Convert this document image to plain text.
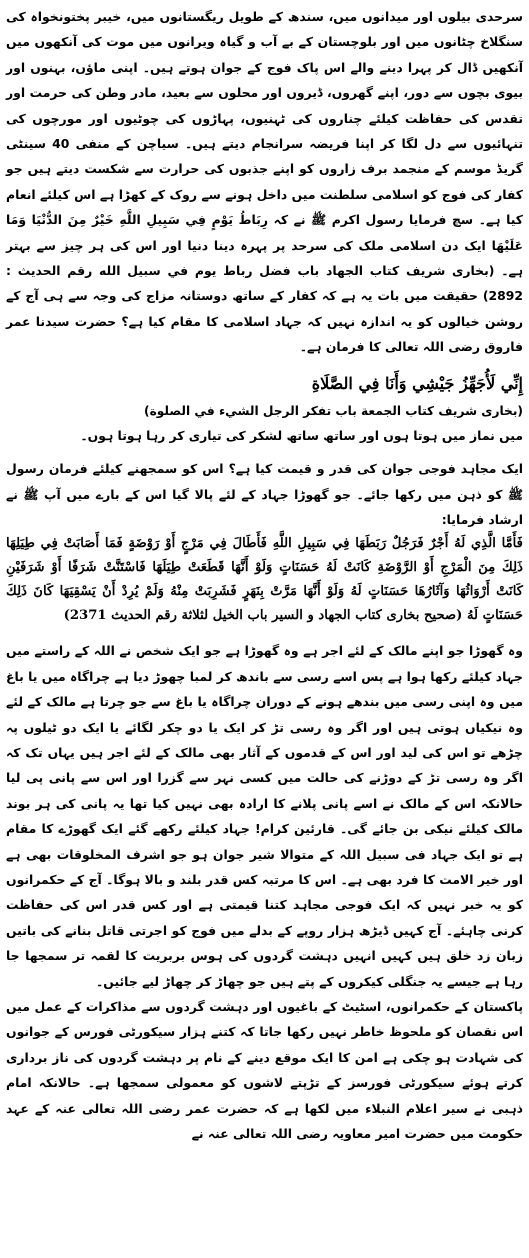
سرحدی بیلوں اور میدانوں میں، سندھ کے طویل ریگستانوں میں، خیبر پختونخواہ کی سنگلاخ چٹانوں میں اور بلوچستان کے بے آب و گیاہ ویرانوں میں موت کی آنکھوں میں آنکھیں ڈال کر پہرا دینے والے اس پاک فوج کے جوان ہوتے ہیں۔ اپنی ماؤں، بہنوں اور بیوی بچوں سے دور، اپنے گھروں، ڈیروں اور محلوں سے بعید، مادر وطن کی حرمت اور تقدس کی حفاظت کیلئے چناروں کی ٹہنیوں، پہاڑوں کی چوٹیوں اور مورچوں کی تنہائیوں سے دل لگا کر اپنا فریضہ سرانجام دیتے ہیں۔ سیاچن کے منفی 40 سینٹی گریڈ موسم کے منجمد برف زاروں کو اپنے جذبوں کی حرارت سے شکست دیتے ہیں جو کفار کی فوج کو اسلامی سلطنت میں داخل ہونے سے روک کے کھڑا ہے اس کیلئے انعام کیا ہے۔ سچ فرمایا رسول اکرم ﷺ نے کہ رِبَاطُ يَوْمٍ فِي سَبِيلِ اللَّهِ خَيْرٌ مِنَ الدُّنْيَا وَمَا عَلَيْهَا ایک دن اسلامی ملک کی سرحد پر پہرہ دینا دنیا اور اس کی ہر چیز سے بہتر ہے۔ (بخاری شریف کتاب الجهاد باب فضل رباط يوم في سبيل الله رقم الحديث : 2892) حقیقت میں بات یہ ہے کہ کفار کے ساتھ دوستانہ مزاج کی وجہ سے ہی آج کے روشن خیالوں کو یہ اندازہ نہیں کہ جہاد اسلامی کا مقام کیا ہے؟ حضرت سیدنا عمر فاروق رضی اللہ تعالی کا فرمان ہے۔

إِنِّي لَأُجَهِّزُ جَيْشِي وَأَنَا فِي الصَّلَاةِ

(بخاری شریف کتاب الجمعة باب تفكر الرجل الشيء في الصلوة)

میں نماز میں ہوتا ہوں اور ساتھ ساتھ لشکر کی تیاری کر رہا ہوتا ہوں۔

ایک مجاہد فوجی جوان کی قدر و قیمت کیا ہے؟ اس کو سمجھنے کیلئے فرمان رسول ﷺ کو ذہن میں رکھا جائے۔ جو گھوڑا جہاد کے لئے پالا گیا اس کے بارے میں آپ ﷺ نے ارشاد فرمایا:

فَأَمَّا الَّذِي لَهُ أَجْرٌ فَرَجُلٌ رَبَطَهَا فِي سَبِيلِ اللَّهِ فَأَطَالَ فِي مَرْجٍ أَوْ رَوْضَةٍ فَمَا أَصَابَتْ فِي طِيَلِهَا ذَلِكَ مِنَ الْمَرْجِ أَوْ الرَّوْضَةِ كَانَتْ لَهُ حَسَنَاتٍ وَلَوْ أَنَّهَا قَطَعَتْ طِيَلَهَا فَاسْتَنَّتْ شَرَفًا أَوْ شَرَفَيْنِ كَانَتْ أَرْوَاثُهَا وَآثَارُهَا حَسَنَاتٍ لَهُ وَلَوْ أَنَّهَا مَرَّتْ بِنَهَرٍ فَشَرِبَتْ مِنْهُ وَلَمْ يُرِدْ أَنْ يَسْقِيَهَا كَانَ ذَلِكَ حَسَنَاتٍ لَهُ (صحیح بخاری کتاب الجهاد و السير باب الخيل لثلاثة رقم الحديث 2371)

وہ گھوڑا جو اپنے مالک کے لئے اجر ہے وہ گھوڑا ہے جو ایک شخص نے اللہ کے راستے میں جہاد کیلئے رکھا ہوا ہے پس اسے رسی سے باندھ کر لمبا چھوڑ دیا ہے چراگاہ میں یا باغ میں وہ اپنی رسی میں بندھے ہونے کے دوران چراگاہ یا باغ سے جو چرتا ہے مالک کے لئے وہ نیکیاں ہوتی ہیں اور اگر وہ رسی تڑ کر ایک یا دو چکر لگائے یا ایک دو ٹیلوں پہ چڑھے تو اس کی لید اور اس کے قدموں کے آثار بھی مالک کے لئے اجر ہیں یہاں تک کہ اگر وہ رسی تڑ کے دوڑنے کی حالت میں کسی نہر سے گزرا اور اس سے پانی پی لیا حالانکہ اس کے مالک نے اسے پانی پلانے کا ارادہ بھی نہیں کیا تھا یہ پانی کی ہر بوند مالک کیلئے نیکی بن جائے گی۔ قارئین کرام! جہاد کیلئے رکھے گئے ایک گھوڑے کا مقام ہے تو ایک جہاد فی سبیل اللہ کے متوالا شیر جوان ہو جو اشرف المخلوقات بھی ہے اور خیر الامت کا فرد بھی ہے۔ اس کا مرتبہ کس قدر بلند و بالا ہوگا۔ آج کے حکمرانوں کو یہ خبر نہیں کہ ایک فوجی مجاہد کتنا قیمتی ہے اور کس قدر اس کی حفاظت کرنی چاہئے۔ آج کہیں ڈیڑھ ہزار روپے کے بدلے میں فوج کو اجرتی قاتل بنانے کی باتیں زبان زد خلق ہیں کہیں انہیں دہشت گردوں کی ہوس بربریت کا لقمہ تر سمجھا جا رہا ہے جیسے یہ جنگلی کیکروں کے پتے ہیں جو چھاڑ کر چھاڑ لیے جائیں۔

پاکستان کے حکمرانوں، اسٹیٹ کے باغیوں اور دہشت گردوں سے مذاکرات کے عمل میں اس نقصان کو ملحوظ خاطر نہیں رکھا جاتا کہ کتنے ہزار سیکورٹی فورس کے جوانوں کی شہادت ہو چکی ہے امن کا ایک موقع دینے کے نام پر دہشت گردوں کی ناز برداری کرتے ہوئے سیکورٹی فورسز کے تڑپتے لاشوں کو معمولی سمجھا ہے۔ حالانکہ امام ذہبی نے سیر اعلام النبلاء میں لکھا ہے کہ حضرت عمر رضی اللہ تعالی عنہ کے عہد حکومت میں حضرت امیر معاویہ رضی اللہ تعالی عنہ نے
